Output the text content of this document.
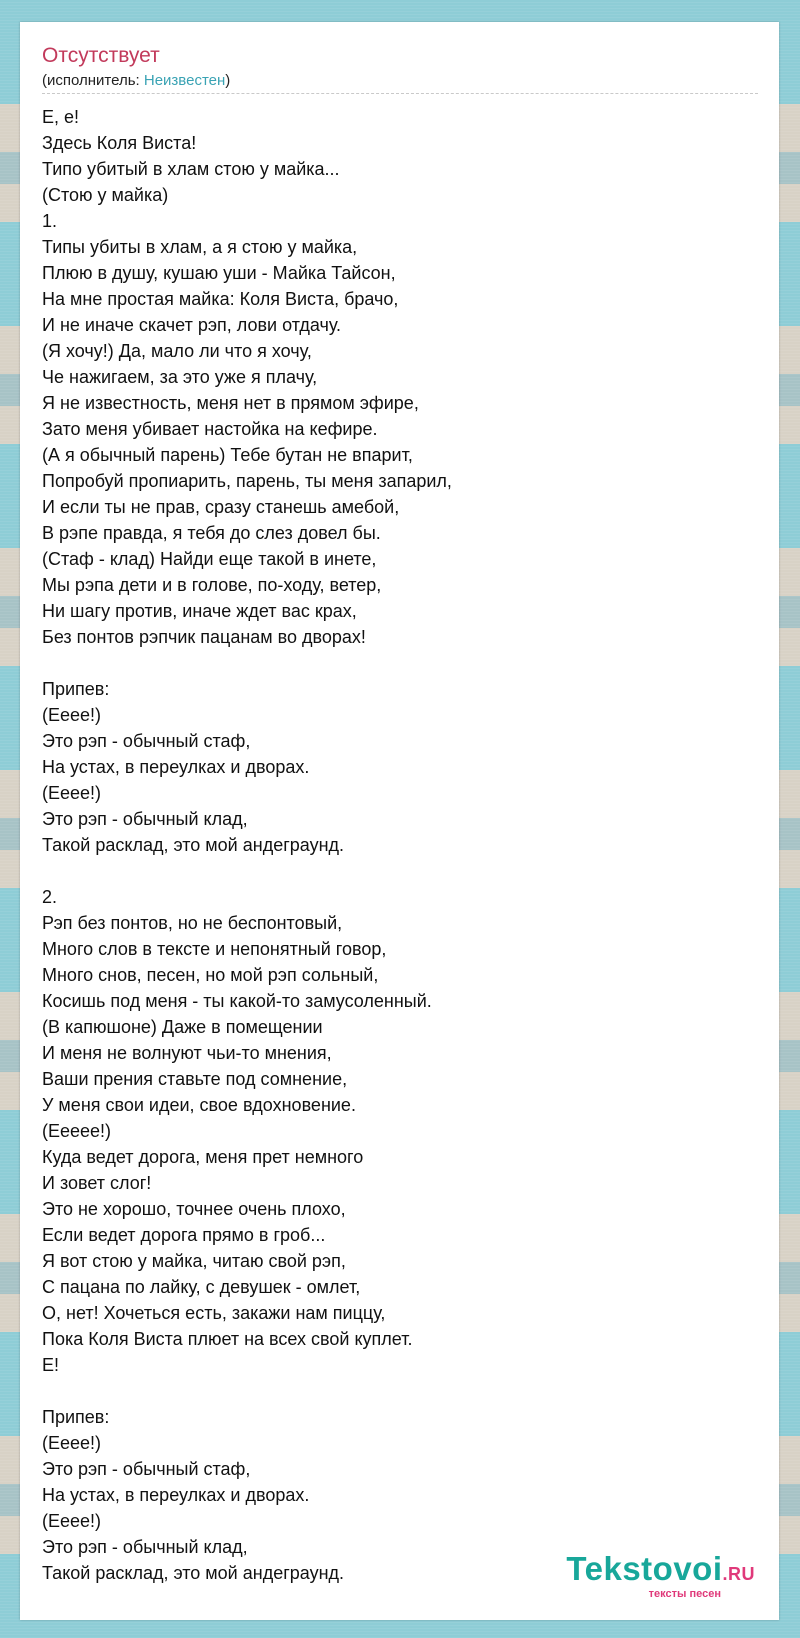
Отсутствует

(исполнитель: Неизвестен)

Е, е!
Здесь Коля Виста!
Типо убитый в хлам стою у майка...
(Стою у майка)
1.
Типы убиты в хлам, а я стою у майка,
Плюю в душу, кушаю уши - Майка Тайсон,
На мне простая майка: Коля Виста, брачо,
И не иначе скачет рэп, лови отдачу.
(Я хочу!) Да, мало ли что я хочу,
Че нажигаем, за это уже я плачу,
Я не известность, меня нет в прямом эфире,
Зато меня убивает настойка на кефире.
(А я обычный парень) Тебе бутан не впарит,
Попробуй пропиарить, парень, ты меня запарил,
И если ты не прав, сразу станешь амебой,
В рэпе правда, я тебя до слез довел бы.
(Стаф - клад) Найди еще такой в инете,
Мы рэпа дети и в голове, по-ходу, ветер,
Ни шагу против, иначе ждет вас крах,
Без понтов рэпчик пацанам во дворах!
Припев:
(Ееее!)
Это рэп - обычный стаф,
На устах, в переулках и дворах.
(Ееее!)
Это рэп - обычный клад,
Такой расклад, это мой андеграунд.
2.
Рэп без понтов, но не беспонтовый,
Много слов в тексте и непонятный говор,
Много снов, песен, но мой рэп сольный,
Косишь под меня - ты какой-то замусоленный.
(В капюшоне) Даже в помещении
И меня не волнуют чьи-то мнения,
Ваши прения ставьте под сомнение,
У меня свои идеи, свое вдохновение.
(Еееее!)
Куда ведет дорога, меня прет немного
И зовет слог!
Это не хорошо, точнее очень плохо,
Если ведет дорога прямо в гроб...
Я вот стою у майка, читаю свой рэп,
С пацана по лайку, с девушек - омлет,
О, нет! Хочеться есть, закажи нам пиццу,
Пока Коля Виста плюет на всех свой куплет.
Е!
Припев:
(Ееее!)
Это рэп - обычный стаф,
На устах, в переулках и дворах.
(Ееее!)
Это рэп - обычный клад,
Такой расклад, это мой андеграунд.	Tekstovoi.RU
тексты песен
